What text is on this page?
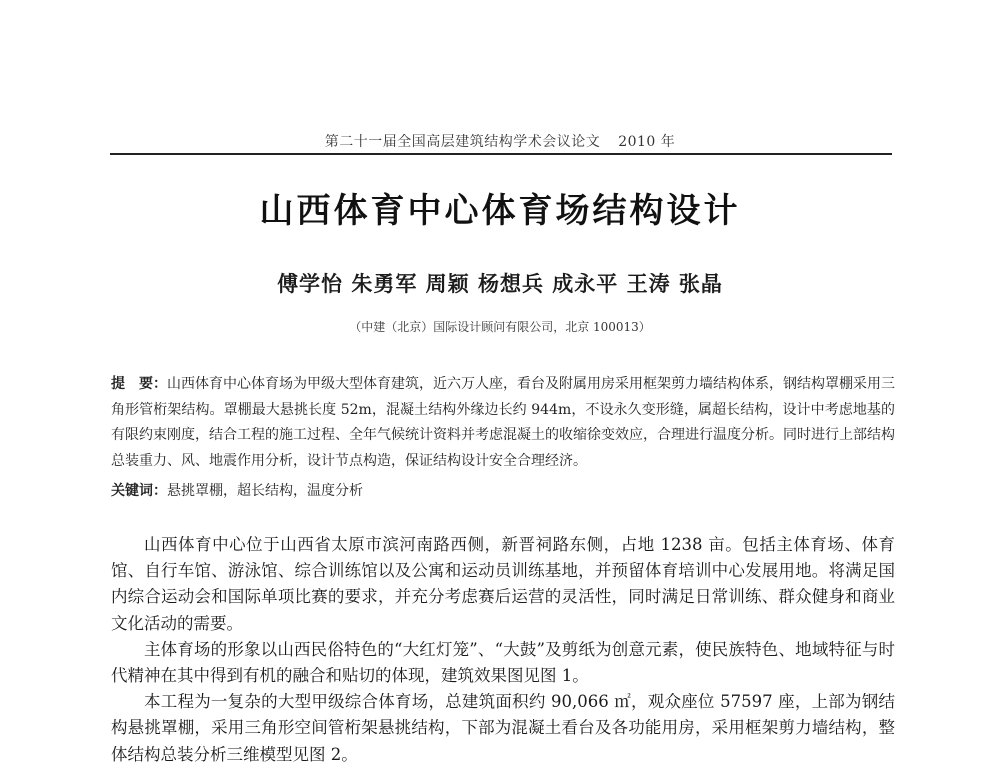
第二十一届全国高层建筑结构学术会议论文 2010 年
山西体育中心体育场结构设计
傅学怡 朱勇军 周颖 杨想兵 成永平 王涛 张晶
（中建（北京）国际设计顾问有限公司，北京 100013）
提　要：山西体育中心体育场为甲级大型体育建筑，近六万人座，看台及附属用房采用框架剪力墙结构体系，钢结构罩棚采用三角形管桁架结构。罩棚最大悬挑长度 52m，混凝土结构外缘边长约 944m，不设永久变形缝，属超长结构，设计中考虑地基的有限约束刚度，结合工程的施工过程、全年气候统计资料并考虑混凝土的收缩徐变效应，合理进行温度分析。同时进行上部结构总装重力、风、地震作用分析，设计节点构造，保证结构设计安全合理经济。
关键词：悬挑罩棚，超长结构，温度分析

山西体育中心位于山西省太原市滨河南路西侧，新晋祠路东侧，占地 1238 亩。包括主体育场、体育馆、自行车馆、游泳馆、综合训练馆以及公寓和运动员训练基地，并预留体育培训中心发展用地。将满足国内综合运动会和国际单项比赛的要求，并充分考虑赛后运营的灵活性，同时满足日常训练、群众健身和商业文化活动的需要。

主体育场的形象以山西民俗特色的“大红灯笼”、“大鼓”及剪纸为创意元素，使民族特色、地域特征与时代精神在其中得到有机的融合和贴切的体现，建筑效果图见图 1。

本工程为一复杂的大型甲级综合体育场，总建筑面积约 90,066 ㎡，观众座位 57597 座，上部为钢结构悬挑罩棚，采用三角形空间管桁架悬挑结构，下部为混凝土看台及各功能用房，采用框架剪力墙结构，整体结构总装分析三维模型见图 2。
